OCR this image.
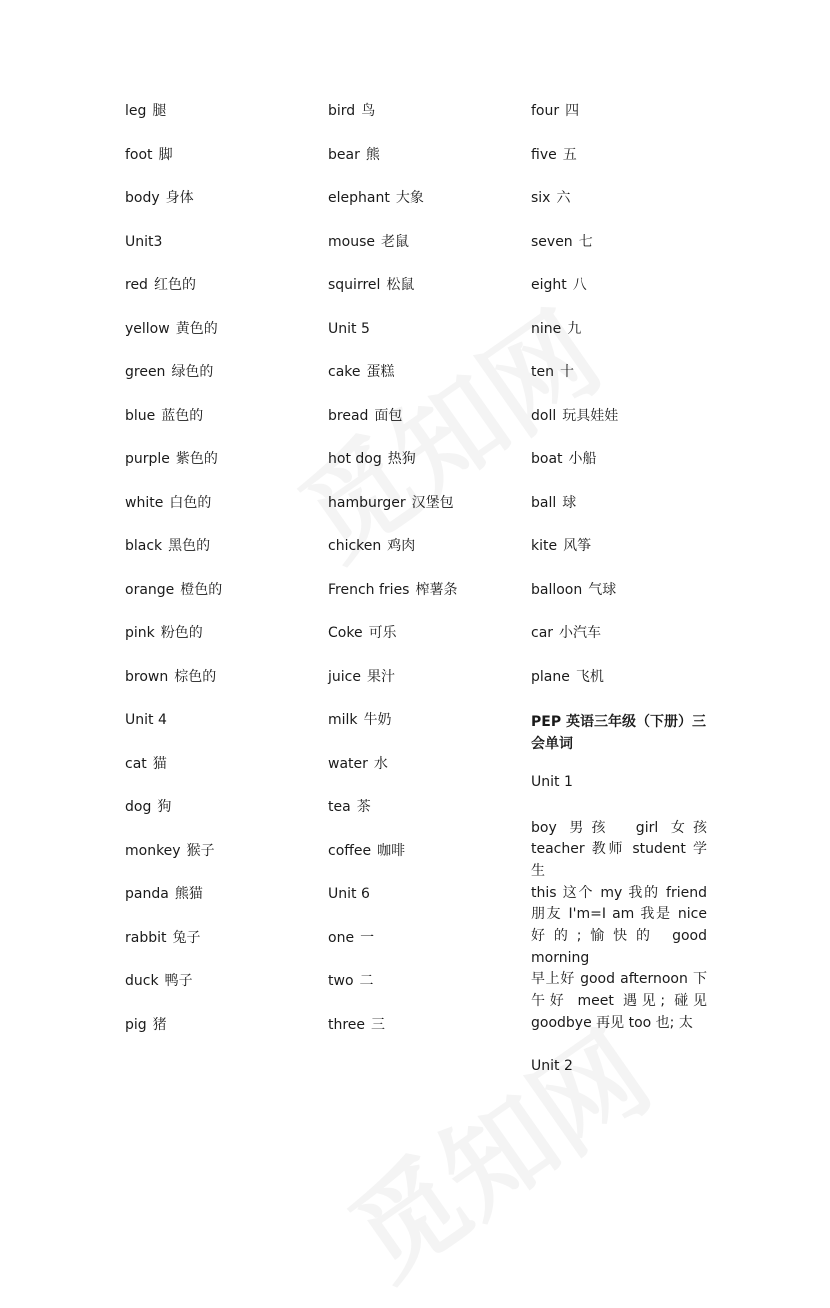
leg 腿
foot 脚
body 身体
Unit3
red 红色的
yellow 黄色的
green 绿色的
blue 蓝色的
purple 紫色的
white 白色的
black 黑色的
orange 橙色的
pink 粉色的
brown 棕色的
Unit 4
cat 猫
dog 狗
monkey 猴子
panda 熊猫
rabbit 兔子
duck 鸭子
pig 猪
bird 鸟
bear 熊
elephant 大象
mouse 老鼠
squirrel 松鼠
Unit 5
cake 蛋糕
bread 面包
hot dog 热狗
hamburger 汉堡包
chicken 鸡肉
French fries 榨薯条
Coke 可乐
juice 果汁
milk 牛奶
water 水
tea 茶
coffee 咖啡
Unit 6
one 一
two 二
three 三
four 四
five 五
six 六
seven 七
eight 八
nine 九
ten 十
doll 玩具娃娃
boat 小船
ball 球
kite 风筝
balloon 气球
car 小汽车
plane 飞机
PEP 英语三年级（下册）三会单词
Unit 1
boy 男孩　girl 女孩
teacher 教师 student 学生
this 这个 my 我的 friend
朋友 I'm=I am 我是 nice
好的;愉快的 good morning
早上好 good afternoon 下
午好 meet 遇见; 碰见
goodbye 再见 too 也; 太
Unit 2
